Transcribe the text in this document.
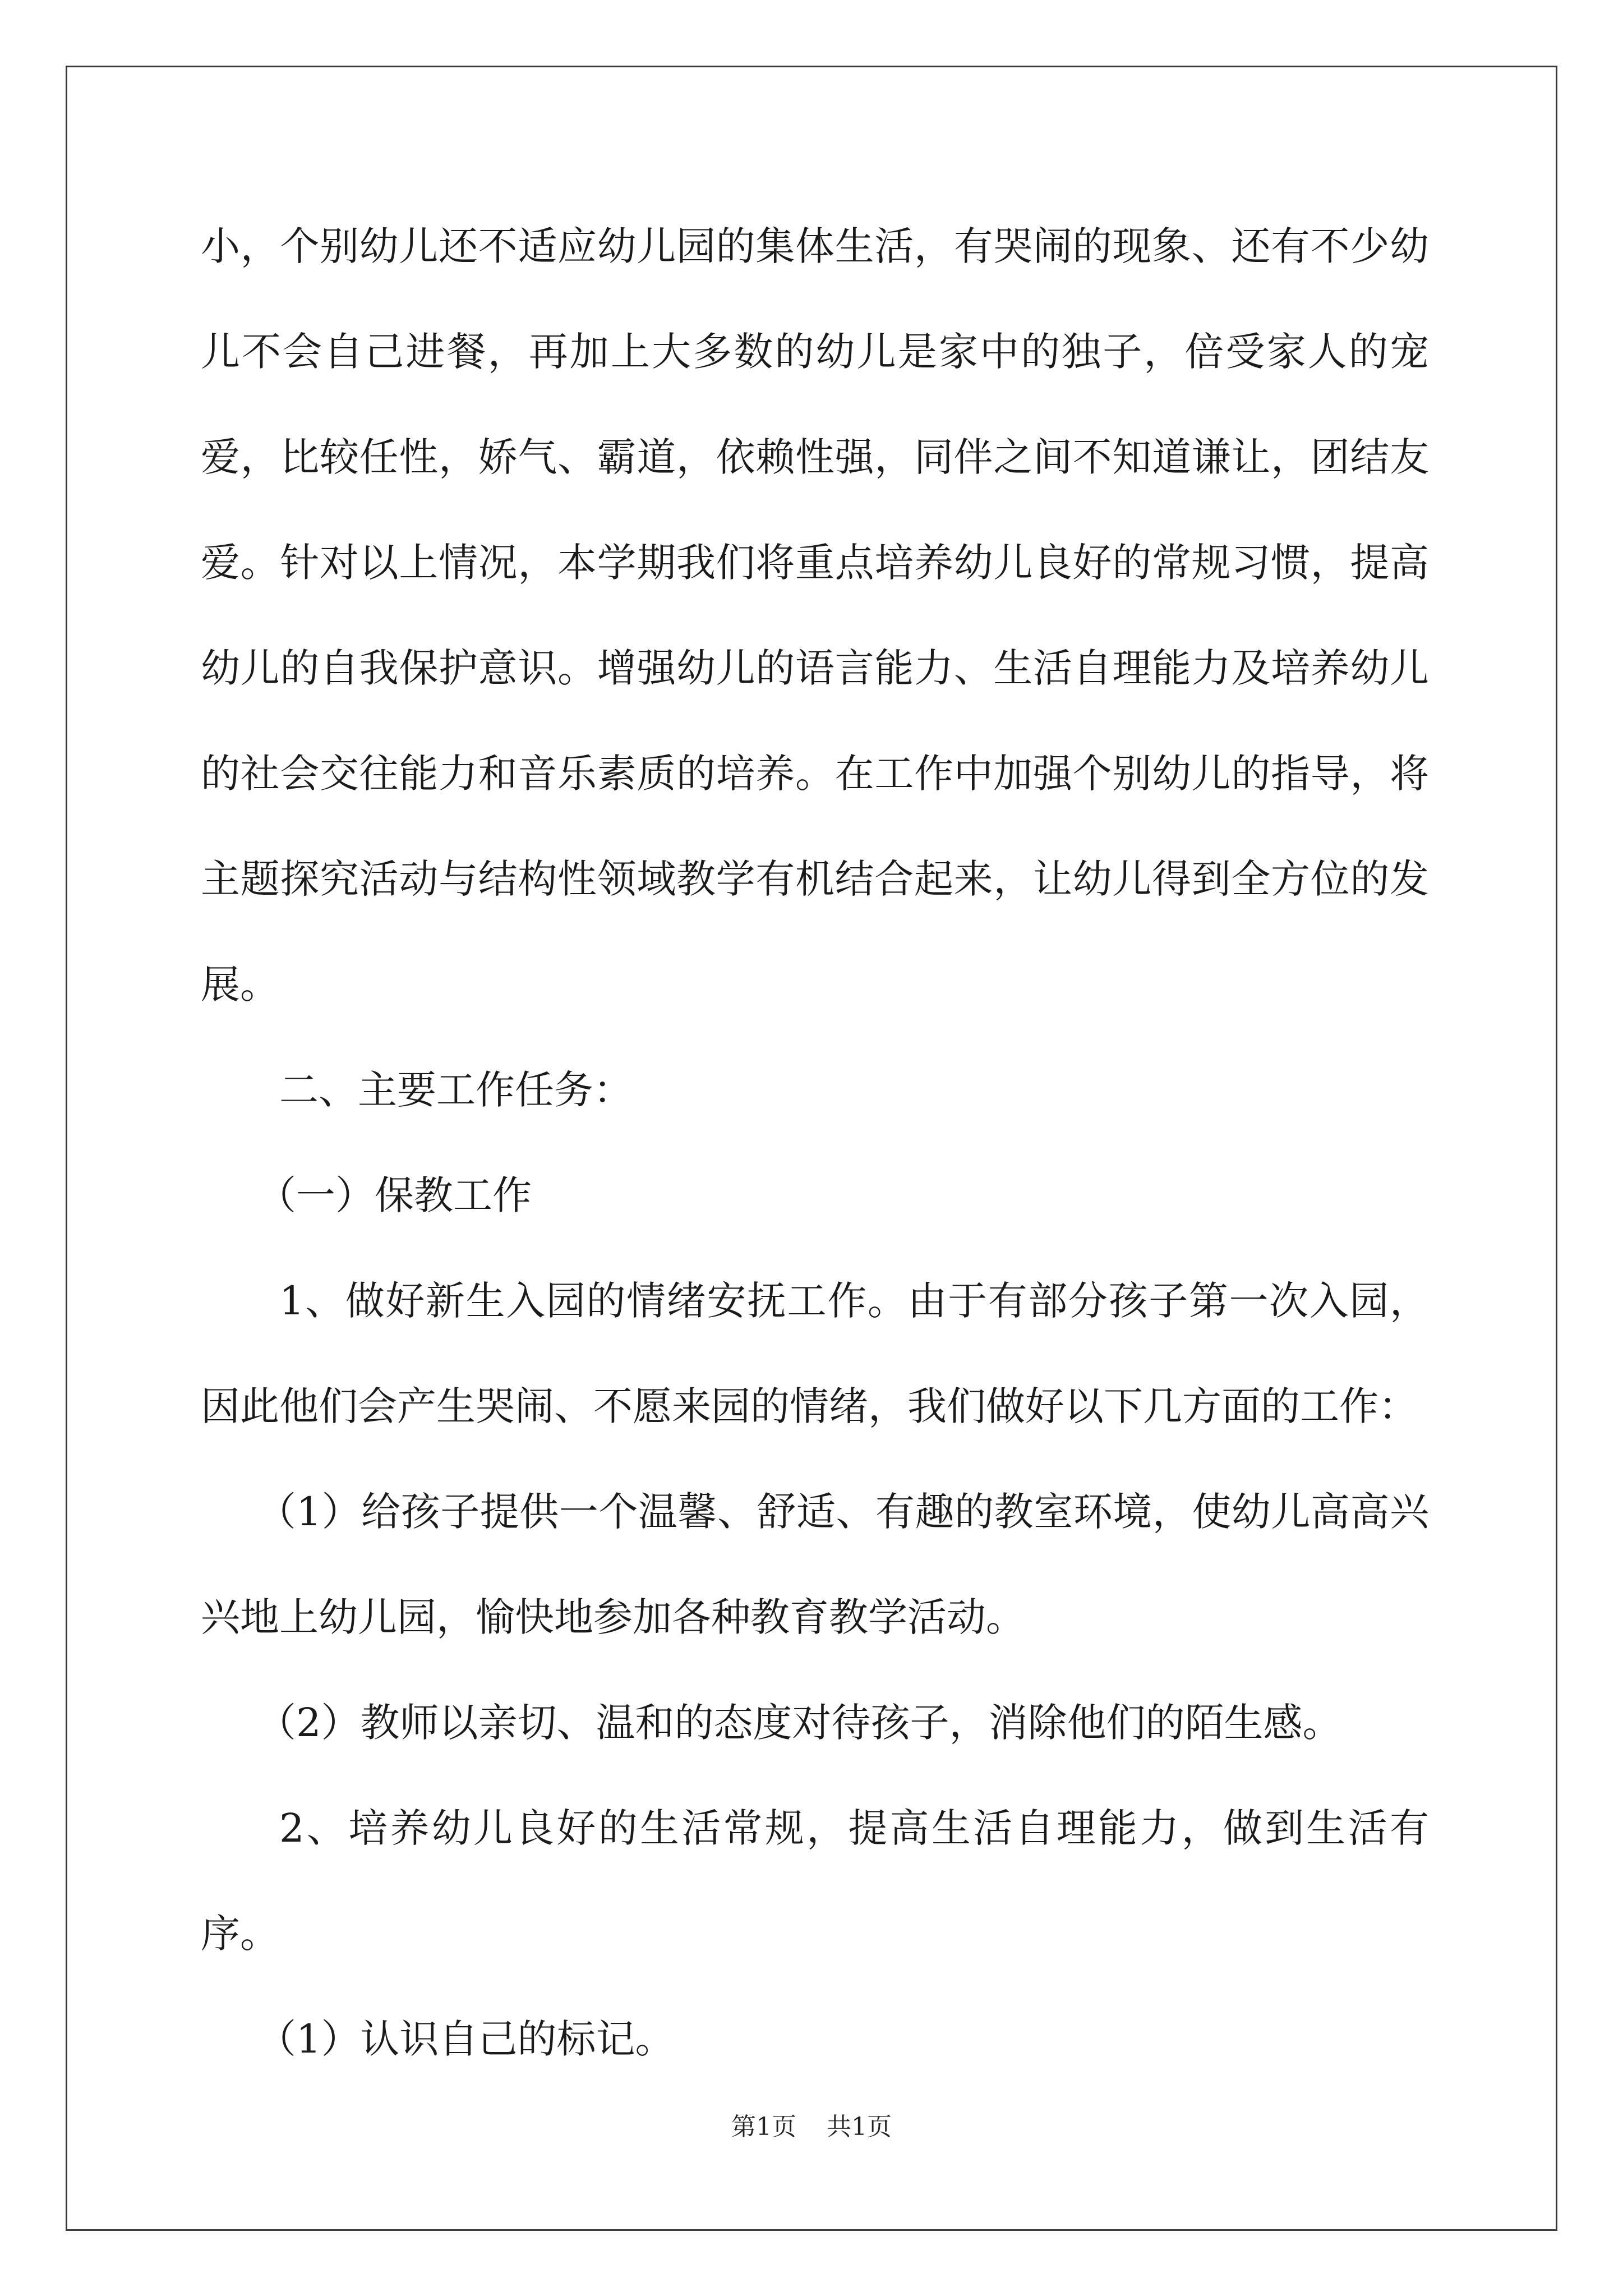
小，个别幼儿还不适应幼儿园的集体生活，有哭闹的现象、还有不少幼儿不会自己进餐，再加上大多数的幼儿是家中的独子，倍受家人的宠爱，比较任性，娇气、霸道，依赖性强，同伴之间不知道谦让，团结友爱。针对以上情况，本学期我们将重点培养幼儿良好的常规习惯，提高幼儿的自我保护意识。增强幼儿的语言能力、生活自理能力及培养幼儿的社会交往能力和音乐素质的培养。在工作中加强个别幼儿的指导，将主题探究活动与结构性领域教学有机结合起来，让幼儿得到全方位的发展。

二、主要工作任务：

（一）保教工作

1、做好新生入园的情绪安抚工作。由于有部分孩子第一次入园，因此他们会产生哭闹、不愿来园的情绪，我们做好以下几方面的工作：

（1）给孩子提供一个温馨、舒适、有趣的教室环境，使幼儿高高兴兴地上幼儿园，愉快地参加各种教育教学活动。

（2）教师以亲切、温和的态度对待孩子，消除他们的陌生感。

2、培养幼儿良好的生活常规，提高生活自理能力，做到生活有序。

（1）认识自己的标记。

第1页 共1页
